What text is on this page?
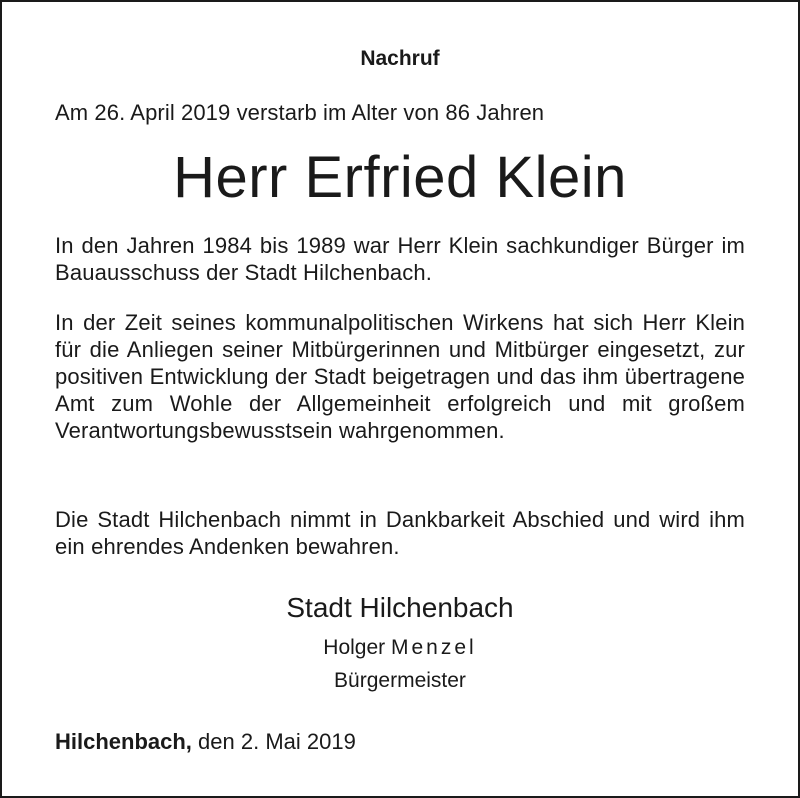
Nachruf

Am 26. April 2019 verstarb im Alter von 86 Jahren

Herr Erfried Klein

In den Jahren 1984 bis 1989 war Herr Klein sachkundiger Bürger im Bauausschuss der Stadt Hilchenbach.

In der Zeit seines kommunalpolitischen Wirkens hat sich Herr Klein für die Anliegen seiner Mitbürgerinnen und Mitbürger eingesetzt, zur positiven Entwicklung der Stadt beigetragen und das ihm übertragene Amt zum Wohle der Allgemeinheit erfolgreich und mit großem Verantwortungsbewusstsein wahrgenommen.

Die Stadt Hilchenbach nimmt in Dankbarkeit Abschied und wird ihm ein ehrendes Andenken bewahren.

Stadt Hilchenbach

Holger Menzel

Bürgermeister

Hilchenbach, den 2. Mai 2019
